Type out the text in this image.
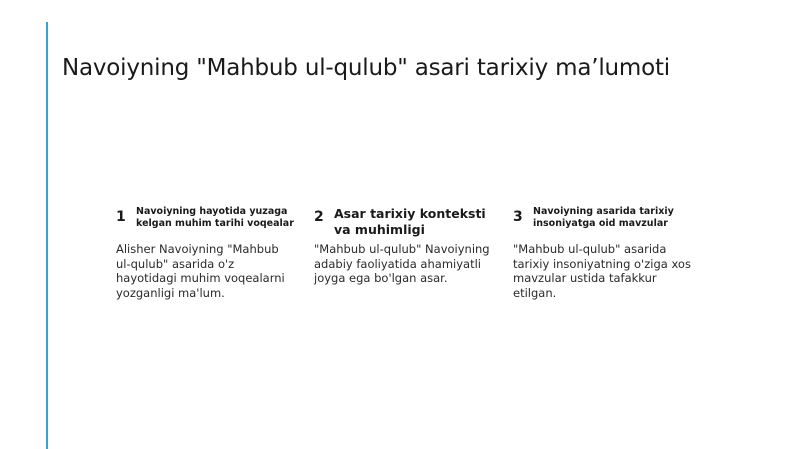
Navoiyning "Mahbub ul-qulub" asari tarixiy ma’lumoti
1 Navoiyning hayotida yuzaga kelgan muhim tarihi voqealar
Alisher Navoiyning "Mahbub ul-qulub" asarida o'z hayotidagi muhim voqealarni yozganligi ma'lum.
2 Asar tarixiy konteksti va muhimligi
"Mahbub ul-qulub" Navoiyning adabiy faoliyatida ahamiyatli joyga ega bo'lgan asar.
3 Navoiyning asarida tarixiy insoniyatga oid mavzular
"Mahbub ul-qulub" asarida tarixiy insoniyatning o'ziga xos mavzular ustida tafakkur etilgan.
